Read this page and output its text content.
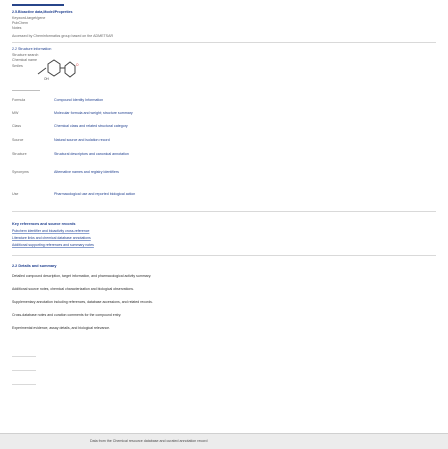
2.5.Bioactive data,Model/Properties
Keyword-target/gene
PubChem
Notes
Accessed by Cheminformatics group based on the ADMETSAR
2.2 Structure information
Structure search
Chemical name
Smiles	O
OH
Formula	Compound Identity Information
MW	Molecular formula and weight; structure summary
Class	Chemical class and related structural category
Source	Natural source and isolation record
Structure	Structural descriptors and canonical annotation
Synonyms	Alternative names and registry identifiers
Use	Pharmacological use and reported biological action
Key references and source records
Pubchem identifier and bioactivity cross-reference
Literature links and chemical database annotations
Additional supporting references and summary notes
2.2 Details and summary
Detailed compound description, target information, and pharmacological activity summary.
Additional source notes, chemical characterization and biological observations.
Supplementary annotation including references, database accessions, and related records.
Cross-database notes and curation comments for the compound entry.
Experimental evidence, assay details, and biological relevance.
Data from the Chemical resource database and curated annotation record
